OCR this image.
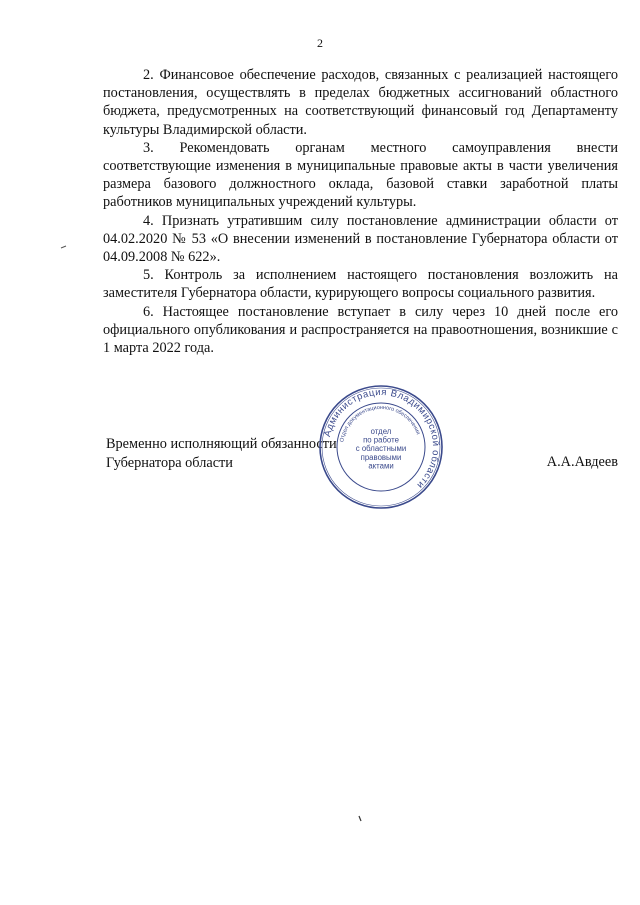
2

2. Финансовое обеспечение расходов, связанных с реализацией настоящего постановления, осуществлять в пределах бюджетных ассигнований областного бюджета, предусмотренных на соответствующий финансовый год Департаменту культуры Владимирской области.

3. Рекомендовать органам местного самоуправления внести соответствующие изменения в муниципальные правовые акты в части увеличения размера базового должностного оклада, базовой ставки заработной платы работников муниципальных учреждений культуры.

4. Признать утратившим силу постановление администрации области от 04.02.2020 № 53 «О внесении изменений в постановление Губернатора области от 04.09.2008 № 622».

5. Контроль за исполнением настоящего постановления возложить на заместителя Губернатора области, курирующего вопросы социального развития.

6. Настоящее постановление вступает в силу через 10 дней после его официального опубликования и распространяется на правоотношения, возникшие с 1 марта 2022 года.

Временно исполняющий обязанности
Губернатора области	А.А.Авдеев
Администрация Владимирской области
Отдел документационного обеспечения
отдел по работе с областными правовыми актами
